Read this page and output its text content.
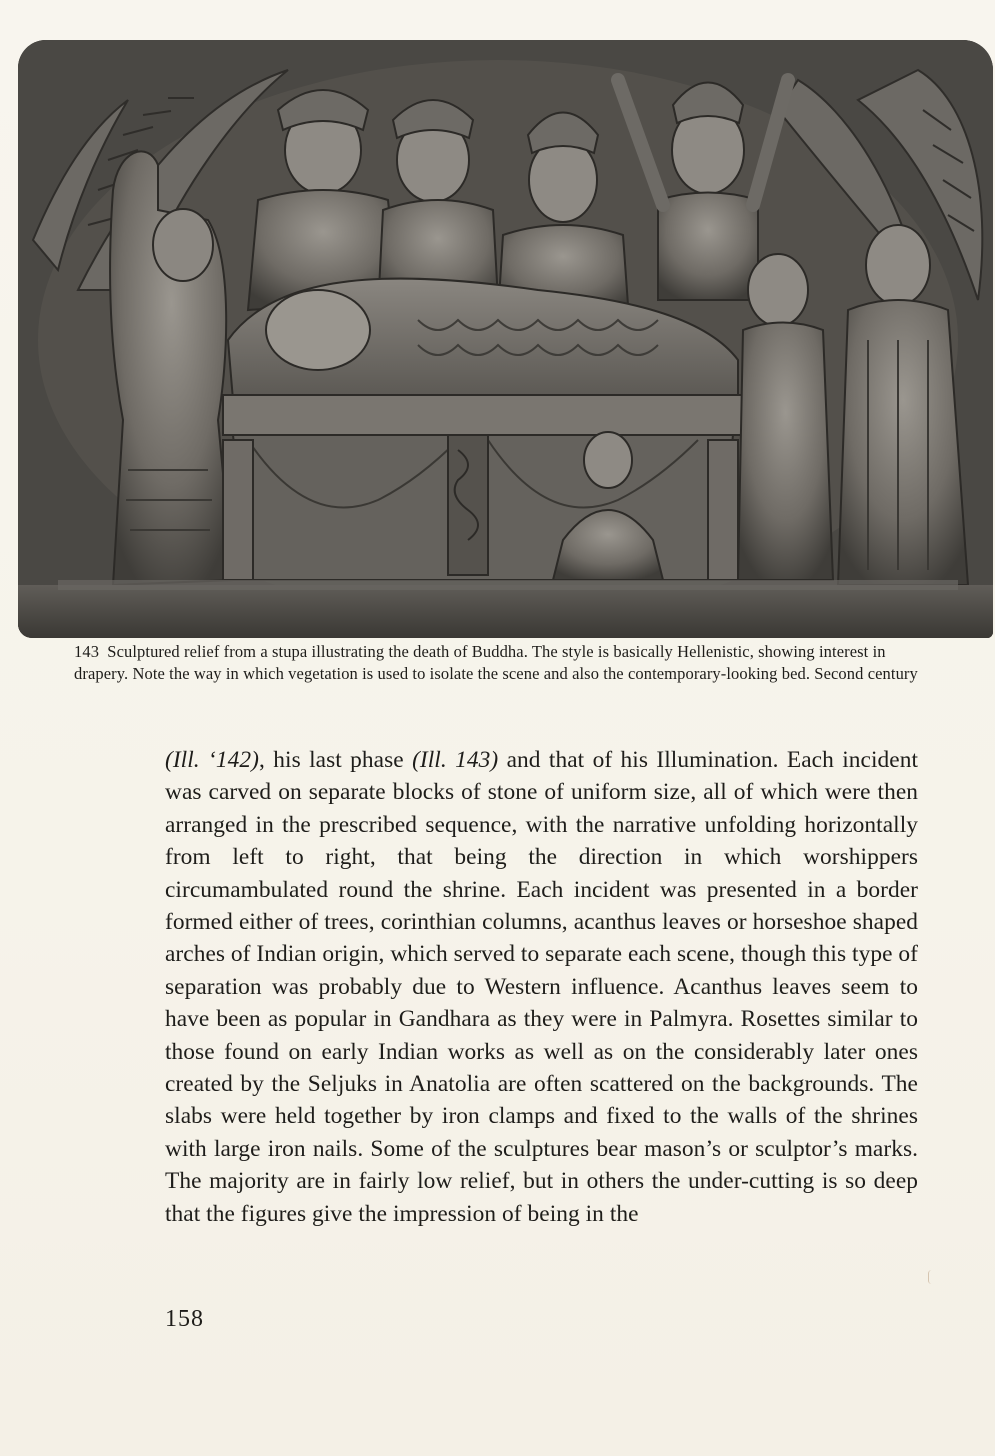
143 Sculptured relief from a stupa illustrating the death of Buddha. The style is basically Hellenistic, showing interest in drapery. Note the way in which vegetation is used to isolate the scene and also the contemporary-looking bed. Second century

(Ill. ‘142), his last phase (Ill. 143) and that of his Illumination. Each incident was carved on separate blocks of stone of uniform size, all of which were then arranged in the prescribed sequence, with the narrative unfolding horizontally from left to right, that being the direction in which worshippers circumambulated round the shrine. Each incident was presented in a border formed either of trees, corinthian columns, acanthus leaves or horseshoe shaped arches of Indian origin, which served to separate each scene, though this type of separation was probably due to Western influence. Acanthus leaves seem to have been as popular in Gandhara as they were in Palmyra. Rosettes similar to those found on early Indian works as well as on the considerably later ones created by the Seljuks in Anatolia are often scattered on the backgrounds. The slabs were held together by iron clamps and fixed to the walls of the shrines with large iron nails. Some of the sculptures bear mason’s or sculptor’s marks. The majority are in fairly low relief, but in others the under-cutting is so deep that the figures give the impression of being in the

158
